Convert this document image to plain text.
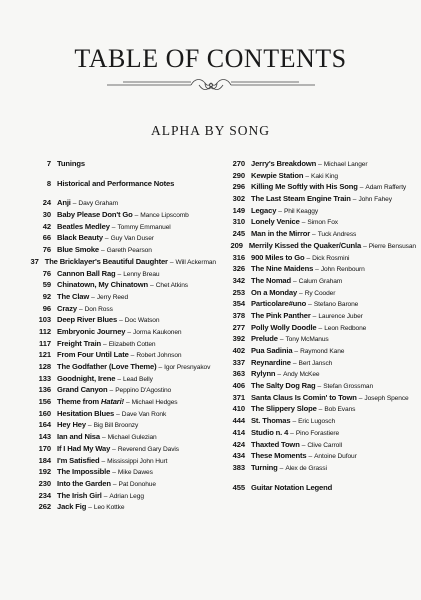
TABLE OF CONTENTS
ALPHA BY SONG
7 Tunings
8 Historical and Performance Notes
24 Anji – Davy Graham
30 Baby Please Don't Go – Mance Lipscomb
42 Beatles Medley – Tommy Emmanuel
66 Black Beauty – Guy Van Duser
76 Blue Smoke – Gareth Pearson
37 The Bricklayer's Beautiful Daughter – Will Ackerman
76 Cannon Ball Rag – Lenny Breau
59 Chinatown, My Chinatown – Chet Atkins
92 The Claw – Jerry Reed
96 Crazy – Don Ross
103 Deep River Blues – Doc Watson
112 Embryonic Journey – Jorma Kaukonen
117 Freight Train – Elizabeth Cotten
121 From Four Until Late – Robert Johnson
128 The Godfather (Love Theme) – Igor Presnyakov
133 Goodnight, Irene – Lead Belly
136 Grand Canyon – Peppino D'Agostino
156 Theme from Hatari! – Michael Hedges
160 Hesitation Blues – Dave Van Ronk
164 Hey Hey – Big Bill Broonzy
143 Ian and Nisa – Michael Gulezian
170 If I Had My Way – Reverend Gary Davis
184 I'm Satisfied – Mississippi John Hurt
192 The Impossible – Mike Dawes
230 Into the Garden – Pat Donohue
234 The Irish Girl – Adrian Legg
262 Jack Fig – Leo Kottke
270 Jerry's Breakdown – Michael Langer
290 Kewpie Station – Kaki King
296 Killing Me Softly with His Song – Adam Rafferty
302 The Last Steam Engine Train – John Fahey
149 Legacy – Phil Keaggy
310 Lonely Venice – Simon Fox
245 Man in the Mirror – Tuck Andress
209 Merrily Kissed the Quaker/Cunla – Pierre Bensusan
316 900 Miles to Go – Dick Rosmini
326 The Nine Maidens – John Renbourn
342 The Nomad – Calum Graham
253 On a Monday – Ry Cooder
354 Particolare#uno – Stefano Barone
378 The Pink Panther – Laurence Juber
277 Polly Wolly Doodle – Leon Redbone
392 Prelude – Tony McManus
402 Pua Sadinia – Raymond Kane
337 Reynardine – Bert Jansch
363 Rylynn – Andy McKee
406 The Salty Dog Rag – Stefan Grossman
371 Santa Claus Is Comin' to Town – Joseph Spence
410 The Slippery Slope – Bob Evans
444 St. Thomas – Eric Lugosch
414 Studio n. 4 – Pino Forastiere
424 Thaxted Town – Clive Carroll
434 These Moments – Antoine Dufour
383 Turning – Alex de Grassi
455 Guitar Notation Legend
